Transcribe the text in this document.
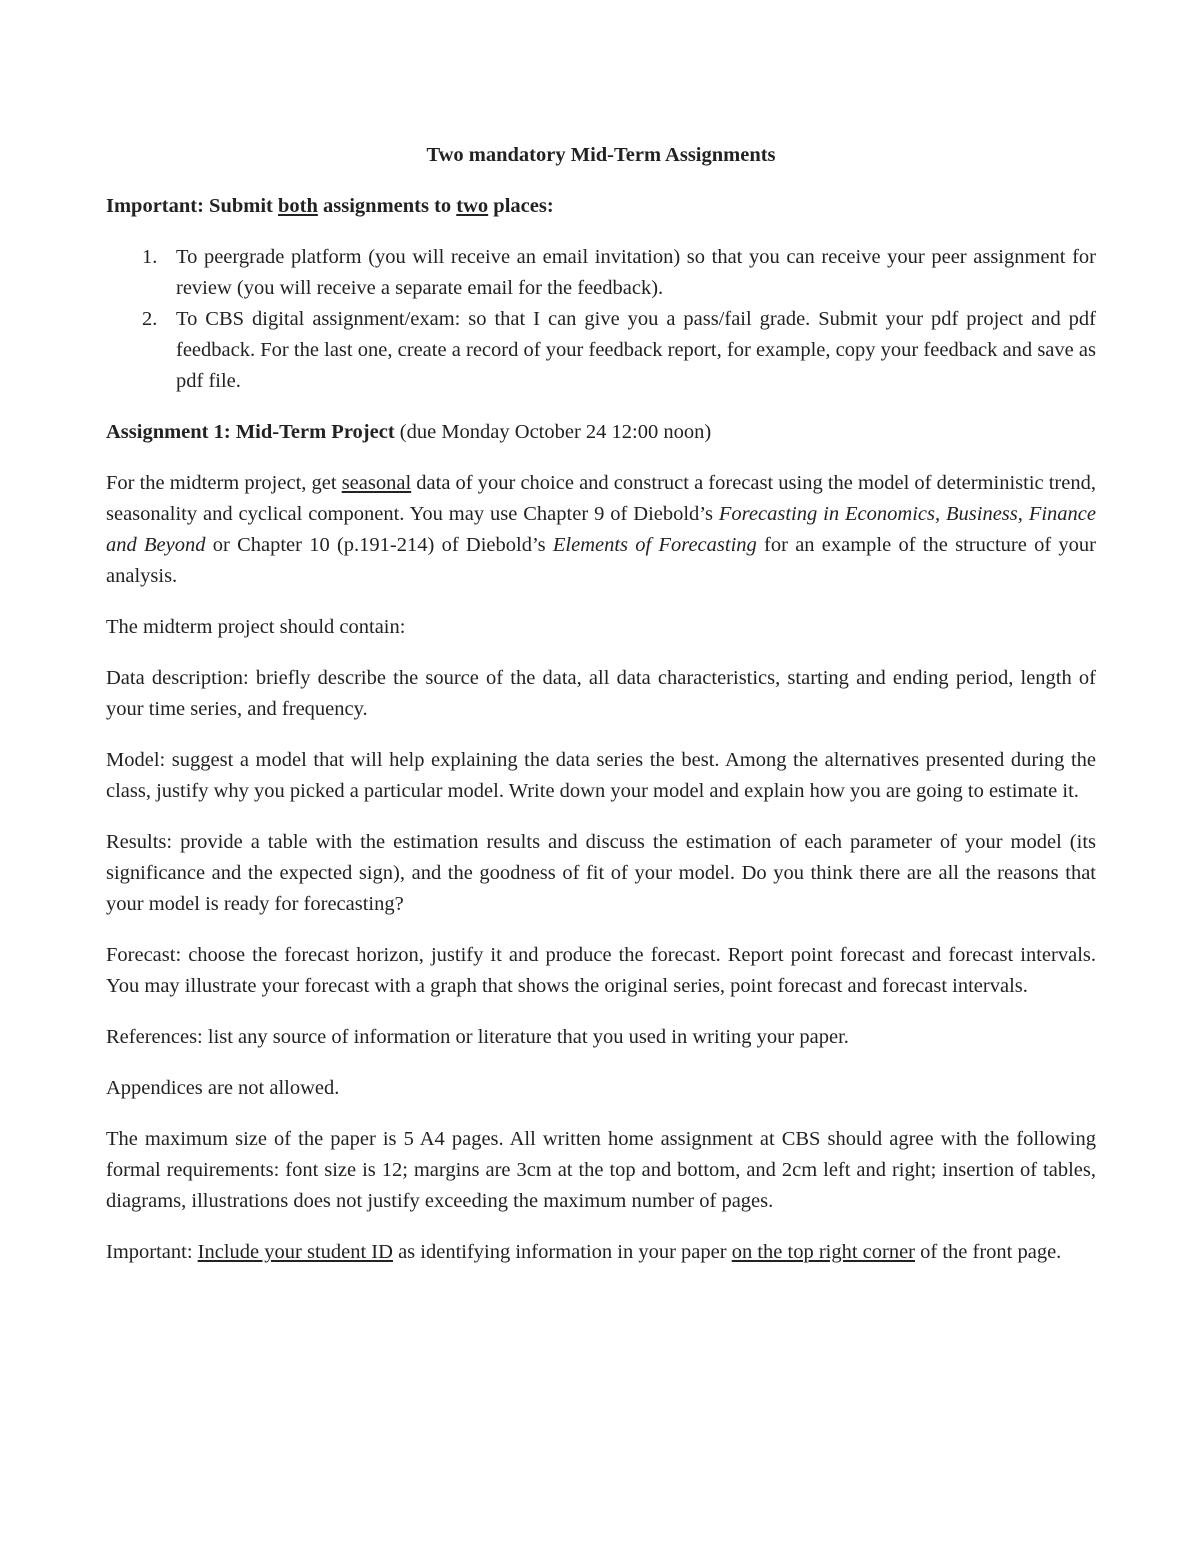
Two mandatory Mid-Term Assignments

Important: Submit both assignments to two places:

1. To peergrade platform (you will receive an email invitation) so that you can receive your peer assignment for review (you will receive a separate email for the feedback).
2. To CBS digital assignment/exam: so that I can give you a pass/fail grade. Submit your pdf project and pdf feedback. For the last one, create a record of your feedback report, for example, copy your feedback and save as pdf file.

Assignment 1: Mid-Term Project (due Monday October 24 12:00 noon)

For the midterm project, get seasonal data of your choice and construct a forecast using the model of deterministic trend, seasonality and cyclical component. You may use Chapter 9 of Diebold’s Forecasting in Economics, Business, Finance and Beyond or Chapter 10 (p.191-214) of Diebold’s Elements of Forecasting for an example of the structure of your analysis.

The midterm project should contain:

Data description: briefly describe the source of the data, all data characteristics, starting and ending period, length of your time series, and frequency.

Model: suggest a model that will help explaining the data series the best. Among the alternatives presented during the class, justify why you picked a particular model. Write down your model and explain how you are going to estimate it.

Results: provide a table with the estimation results and discuss the estimation of each parameter of your model (its significance and the expected sign), and the goodness of fit of your model. Do you think there are all the reasons that your model is ready for forecasting?

Forecast: choose the forecast horizon, justify it and produce the forecast. Report point forecast and forecast intervals. You may illustrate your forecast with a graph that shows the original series, point forecast and forecast intervals.

References: list any source of information or literature that you used in writing your paper.

Appendices are not allowed.

The maximum size of the paper is 5 A4 pages. All written home assignment at CBS should agree with the following formal requirements: font size is 12; margins are 3cm at the top and bottom, and 2cm left and right; insertion of tables, diagrams, illustrations does not justify exceeding the maximum number of pages.

Important: Include your student ID as identifying information in your paper on the top right corner of the front page.
